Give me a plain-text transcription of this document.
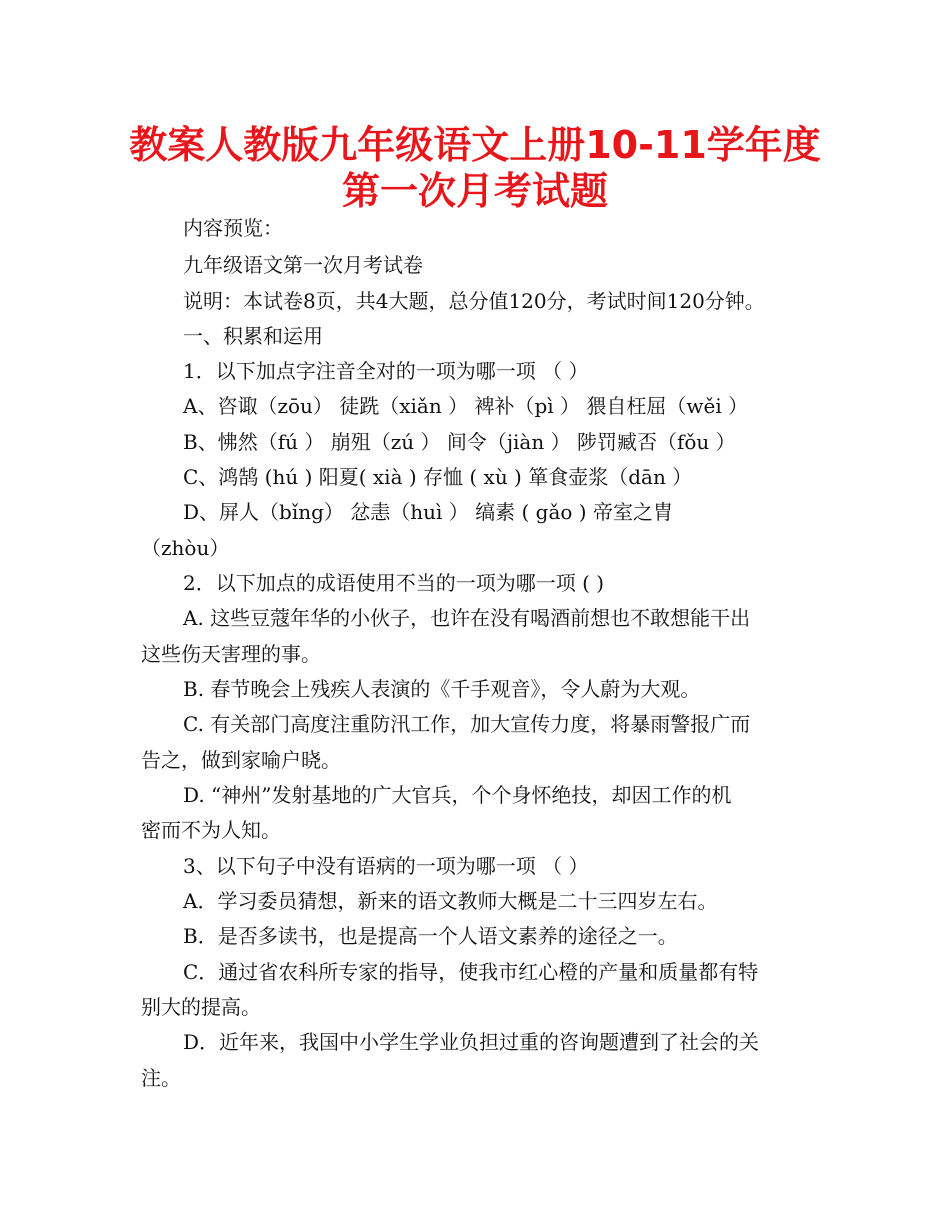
教案人教版九年级语文上册10-11学年度
第一次月考试题
内容预览：
九年级语文第一次月考试卷
说明：本试卷8页，共4大题，总分值120分，考试时间120分钟。
一、积累和运用
1．以下加点字注音全对的一项为哪一项 （ ）
A、咨诹（zōu） 徒跣（xiǎn ） 裨补（pì ） 猥自枉屈（wěi ）
B、怫然（fú ） 崩殂（zú ） 间令（jiàn ） 陟罚臧否（fǒu ）
C、鸿鹄 (hú ) 阳夏( xià ) 存恤 ( xù ) 箪食壶浆（dān ）
D、屏人（bǐng） 忿恚（huì ） 缟素 ( gǎo ) 帝室之胄
（zhòu）
2．以下加点的成语使用不当的一项为哪一项 ( )
A. 这些豆蔻年华的小伙子，也许在没有喝酒前想也不敢想能干出
这些伤天害理的事。
B. 春节晚会上残疾人表演的《千手观音》，令人蔚为大观。
C. 有关部门高度注重防汛工作，加大宣传力度，将暴雨警报广而
告之，做到家喻户晓。
D. “神州”发射基地的广大官兵，个个身怀绝技，却因工作的机
密而不为人知。
3、以下句子中没有语病的一项为哪一项 （ ）
A．学习委员猜想，新来的语文教师大概是二十三四岁左右。
B．是否多读书，也是提高一个人语文素养的途径之一。
C．通过省农科所专家的指导，使我市红心橙的产量和质量都有特
别大的提高。
D．近年来，我国中小学生学业负担过重的咨询题遭到了社会的关
注。
